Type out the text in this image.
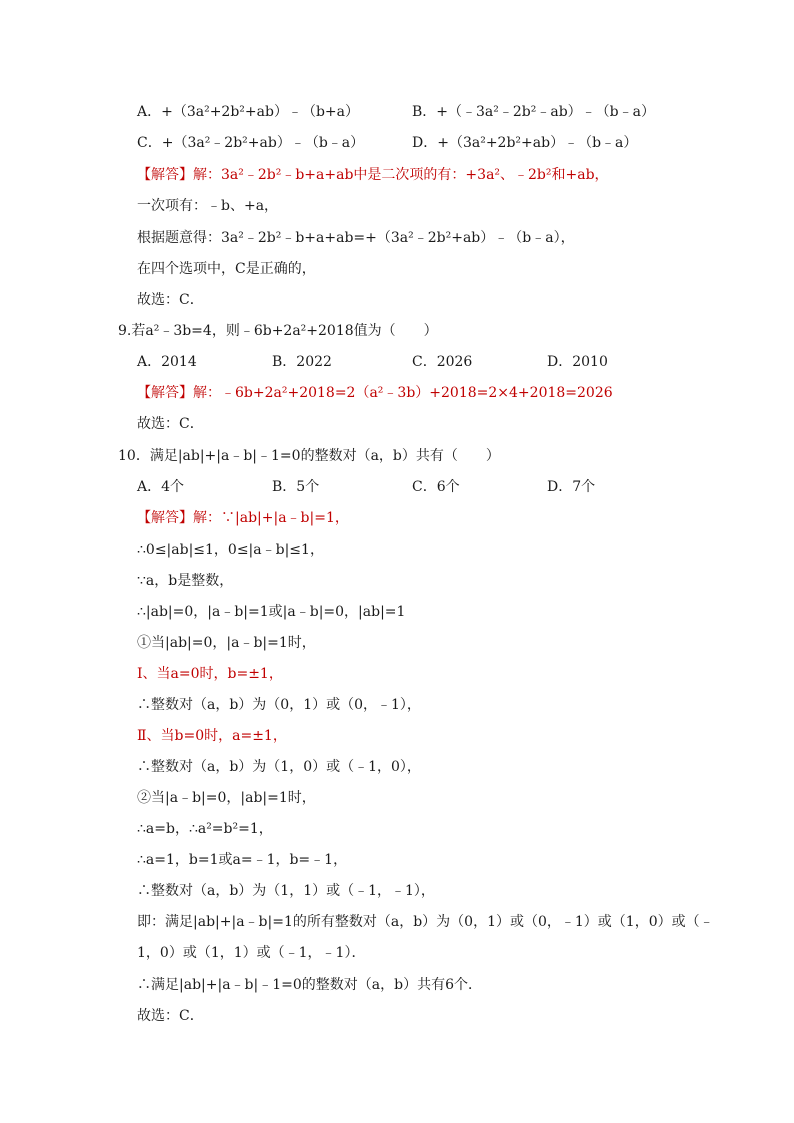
A．+（3a²+2b²+ab）﹣（b+a）	B．+（﹣3a²﹣2b²﹣ab）﹣（b﹣a）
C．+（3a²﹣2b²+ab）﹣（b﹣a）	D．+（3a²+2b²+ab）﹣（b﹣a）
【解答】解：3a²﹣2b²﹣b+a+ab中是二次项的有：+3a²、﹣2b²和+ab，
一次项有：﹣b、+a，
根据题意得：3a²﹣2b²﹣b+a+ab=+（3a²﹣2b²+ab）﹣（b﹣a），
在四个选项中，C是正确的，
故选：C．
9.若a²﹣3b=4，则﹣6b+2a²+2018值为（　　）
A．2014	B．2022	C．2026	D．2010
【解答】解：﹣6b+2a²+2018=2（a²﹣3b）+2018=2×4+2018=2026
故选：C．
10．满足|ab|+|a﹣b|﹣1=0的整数对（a，b）共有（　　）
A．4个	B．5个	C．6个	D．7个
【解答】解：∵|ab|+|a﹣b|=1，
∴0≤|ab|≤1，0≤|a﹣b|≤1，
∵a，b是整数，
∴|ab|=0，|a﹣b|=1或|a﹣b|=0，|ab|=1
①当|ab|=0，|a﹣b|=1时，
Ⅰ、当a=0时，b=±1，
∴整数对（a，b）为（0，1）或（0，﹣1），
Ⅱ、当b=0时，a=±1，
∴整数对（a，b）为（1，0）或（﹣1，0），
②当|a﹣b|=0，|ab|=1时，
∴a=b，∴a²=b²=1，
∴a=1，b=1或a=﹣1，b=﹣1，
∴整数对（a，b）为（1，1）或（﹣1，﹣1），
即：满足|ab|+|a﹣b|=1的所有整数对（a，b）为（0，1）或（0，﹣1）或（1，0）或（﹣
1，0）或（1，1）或（﹣1，﹣1）．
∴满足|ab|+|a﹣b|﹣1=0的整数对（a，b）共有6个．
故选：C．
